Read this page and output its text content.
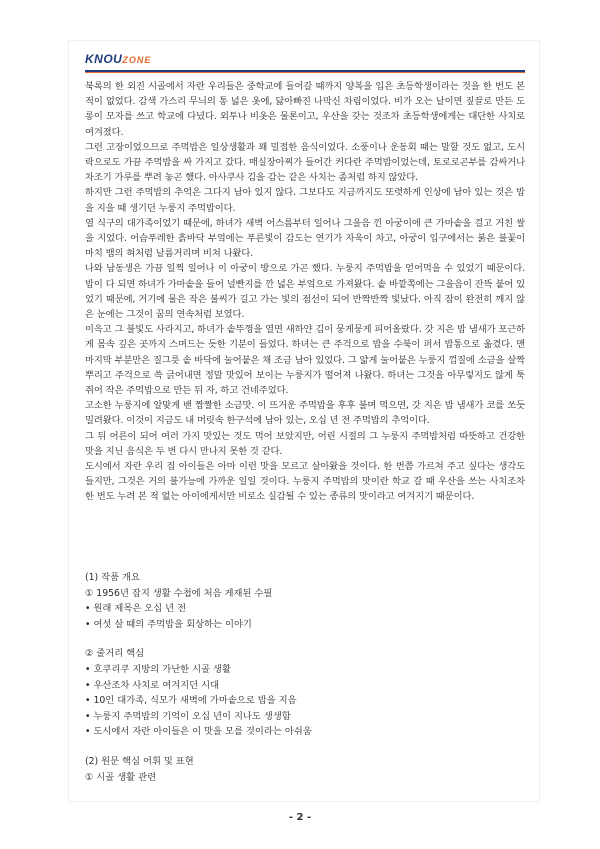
KNOUZONE

북록의 한 외진 시골에서 자란 우리들은 중학교에 들어갈 때까지 양복을 입은 초등학생이라는 것을 한 번도 본 적이 없었다. 감색 가스리 무늬의 통 넓은 옷에, 닳아빠진 나막신 차림이었다. 비가 오는 날이면 짚끌로 만든 도롱이 모자를 쓰고 학교에 다녔다. 외투나 비옷은 물론이고, 우산을 갖는 것조차 초등학생에게는 대단한 사치로 여겨졌다.

그런 고장이었으므로 주먹밥은 일상생활과 꽤 밀접한 음식이었다. 소풍이나 운동회 때는 말할 것도 없고, 도시락으로도 가끔 주먹밥을 싸 가지고 갔다. 매실장아찌가 들어간 커다란 주먹밥이었는데, 토로로곤부를 감싸거나 차조기 가루를 뿌려 놓곤 했다. 아사쿠사 김을 감는 같은 사치는 좀처럼 하지 않았다.

하지만 그런 주먹밥의 추억은 그다지 남아 있지 않다. 그보다도 지금까지도 또렷하게 인상에 남아 있는 것은 밥을 지을 때 생기던 누룽지 주먹밥이다.

열 식구의 대가족이었기 때문에, 하녀가 새벽 어스름부터 일어나 그을음 낀 아궁이에 큰 가마솥을 걸고 거친 쌀을 지었다. 어슴푸레한 흙바닥 부엌에는 푸른빛이 감도는 연기가 자욱이 차고, 아궁이 입구에서는 붉은 불꽃이 마치 뱀의 혀처럼 날름거리며 비쳐 나왔다.

나와 남동생은 가끔 일찍 일어나 이 아궁이 방으로 가곤 했다. 누룽지 주먹밥을 얻어먹을 수 있었기 때문이다. 밥이 다 되면 하녀가 가마솥을 들어 널빤지를 깐 넓은 부엌으로 가져왔다. 솥 바깥쪽에는 그을음이 잔뜩 붙어 있었기 때문에, 거기에 물은 작은 불씨가 길고 가는 빛의 점선이 되어 반짝반짝 빛났다. 아직 잠이 완전히 깨지 않은 눈에는 그것이 꿈의 연속처럼 보였다.

이윽고 그 불빛도 사라지고, 하녀가 솥뚜껑을 열면 새하얀 김이 뭉게뭉게 피어올랐다. 갓 지은 밥 냄새가 포근하게 몸속 깊은 곳까지 스며드는 듯한 기분이 들었다. 하녀는 큰 주걱으로 밥을 수북이 퍼서 밥통으로 옮겼다. 맨 마지막 부분만은 질그릇 솥 바닥에 눌어붙은 채 조금 남아 있었다. 그 얇게 눌어붙은 누룽지 껍질에 소금을 살짝 뿌리고 주걱으로 쓱 긁어내면 정말 맛있어 보이는 누룽지가 떨어져 나왔다. 하녀는 그것을 아무렇지도 않게 툭 쥐어 작은 주먹밥으로 만든 뒤 자, 하고 건네주었다.

고소한 누룽지에 알맞게 밴 짭짤한 소금맛. 이 뜨거운 주먹밥을 후후 불며 먹으면, 갓 지은 밥 냄새가 코를 쏘듯 밀려왔다. 이것이 지금도 내 머릿속 한구석에 남아 있는, 오십 년 전 주먹밥의 추억이다.

그 뒤 어른이 되어 여러 가지 맛있는 것도 먹어 보았지만, 어린 시절의 그 누룽지 주먹밥처럼 따뜻하고 건강한 맛을 지닌 음식은 두 번 다시 만나지 못한 것 같다.

도시에서 자란 우리 집 아이들은 아마 이런 맛을 모르고 살아왔을 것이다. 한 번쯤 가르쳐 주고 싶다는 생각도 들지만, 그것은 거의 불가능에 가까운 일일 것이다. 누룽지 주먹밥의 맛이란 학교 갈 때 우산을 쓰는 사치조차 한 번도 누려 본 적 없는 아이에게서만 비로소 실감될 수 있는 종류의 맛이라고 여겨지기 때문이다.

(1) 작품 개요
① 1956년 잡지 생활 수첩에 처음 게재된 수필
• 원래 제목은 오십 년 전
• 여섯 살 때의 주먹밥을 회상하는 이야기
② 줄거리 핵심
• 호쿠리쿠 지방의 가난한 시골 생활
• 우산조차 사치로 여겨지던 시대
• 10인 대가족, 식모가 새벽에 가마솥으로 밥을 지음
• 누룽지 주먹밥의 기억이 오십 년이 지나도 생생함
• 도시에서 자란 아이들은 이 맛을 모를 것이라는 아쉬움
(2) 원문 핵심 어휘 및 표현
① 시골 생활 관련
- 2 -
